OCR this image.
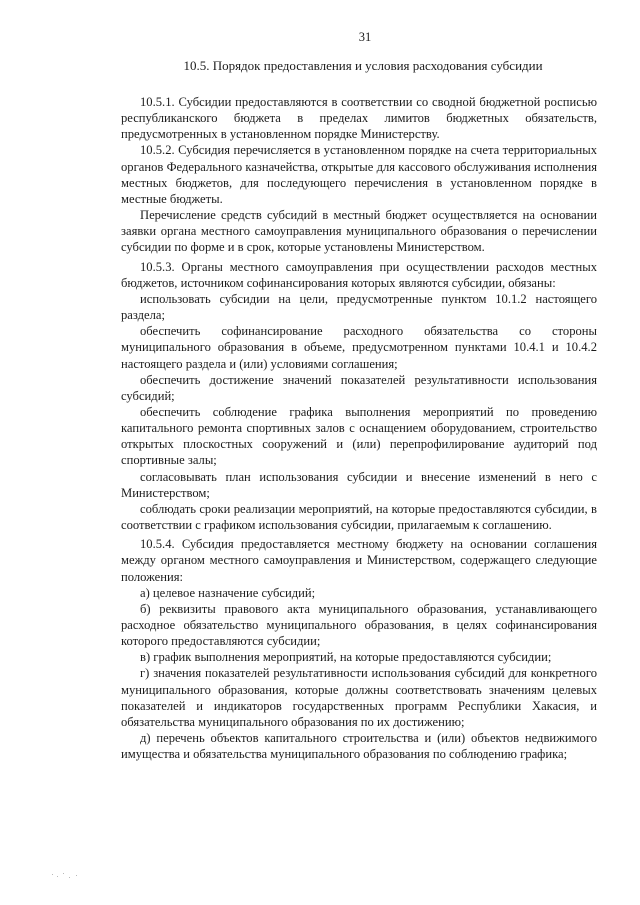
31
10.5. Порядок предоставления и условия расходования субсидии

10.5.1. Субсидии предоставляются в соответствии со сводной бюджетной росписью республиканского бюджета в пределах лимитов бюджетных обязательств, предусмотренных в установленном порядке Министерству.

10.5.2. Субсидия перечисляется в установленном порядке на счета территориальных органов Федерального казначейства, открытые для кассового обслуживания исполнения местных бюджетов, для последующего перечисления в установленном порядке в местные бюджеты.

Перечисление средств субсидий в местный бюджет осуществляется на основании заявки органа местного самоуправления муниципального образования о перечислении субсидии по форме и в срок, которые установлены Министерством.

10.5.3. Органы местного самоуправления при осуществлении расходов местных бюджетов, источником софинансирования которых являются субсидии, обязаны:

использовать субсидии на цели, предусмотренные пунктом 10.1.2 настоящего раздела;

обеспечить софинансирование расходного обязательства со стороны муниципального образования в объеме, предусмотренном пунктами 10.4.1 и 10.4.2 настоящего раздела и (или) условиями соглашения;

обеспечить достижение значений показателей результативности использования субсидий;

обеспечить соблюдение графика выполнения мероприятий по проведению капитального ремонта спортивных залов с оснащением оборудованием, строительство открытых плоскостных сооружений и (или) перепрофилирование аудиторий под спортивные залы;

согласовывать план использования субсидии и внесение изменений в него с Министерством;

соблюдать сроки реализации мероприятий, на которые предоставляются субсидии, в соответствии с графиком использования субсидии, прилагаемым к соглашению.

10.5.4. Субсидия предоставляется местному бюджету на основании соглашения между органом местного самоуправления и Министерством, содержащего следующие положения:

а) целевое назначение субсидий;

б) реквизиты правового акта муниципального образования, устанавливающего расходное обязательство муниципального образования, в целях софинансирования которого предоставляются субсидии;

в) график выполнения мероприятий, на которые предоставляются субсидии;

г) значения показателей результативности использования субсидий для конкретного муниципального образования, которые должны соответствовать значениям целевых показателей и индикаторов государственных программ Республики Хакасия, и обязательства муниципального образования по их достижению;

д) перечень объектов капитального строительства и (или) объектов недвижимого имущества и обязательства муниципального образования по соблюдению графика;
